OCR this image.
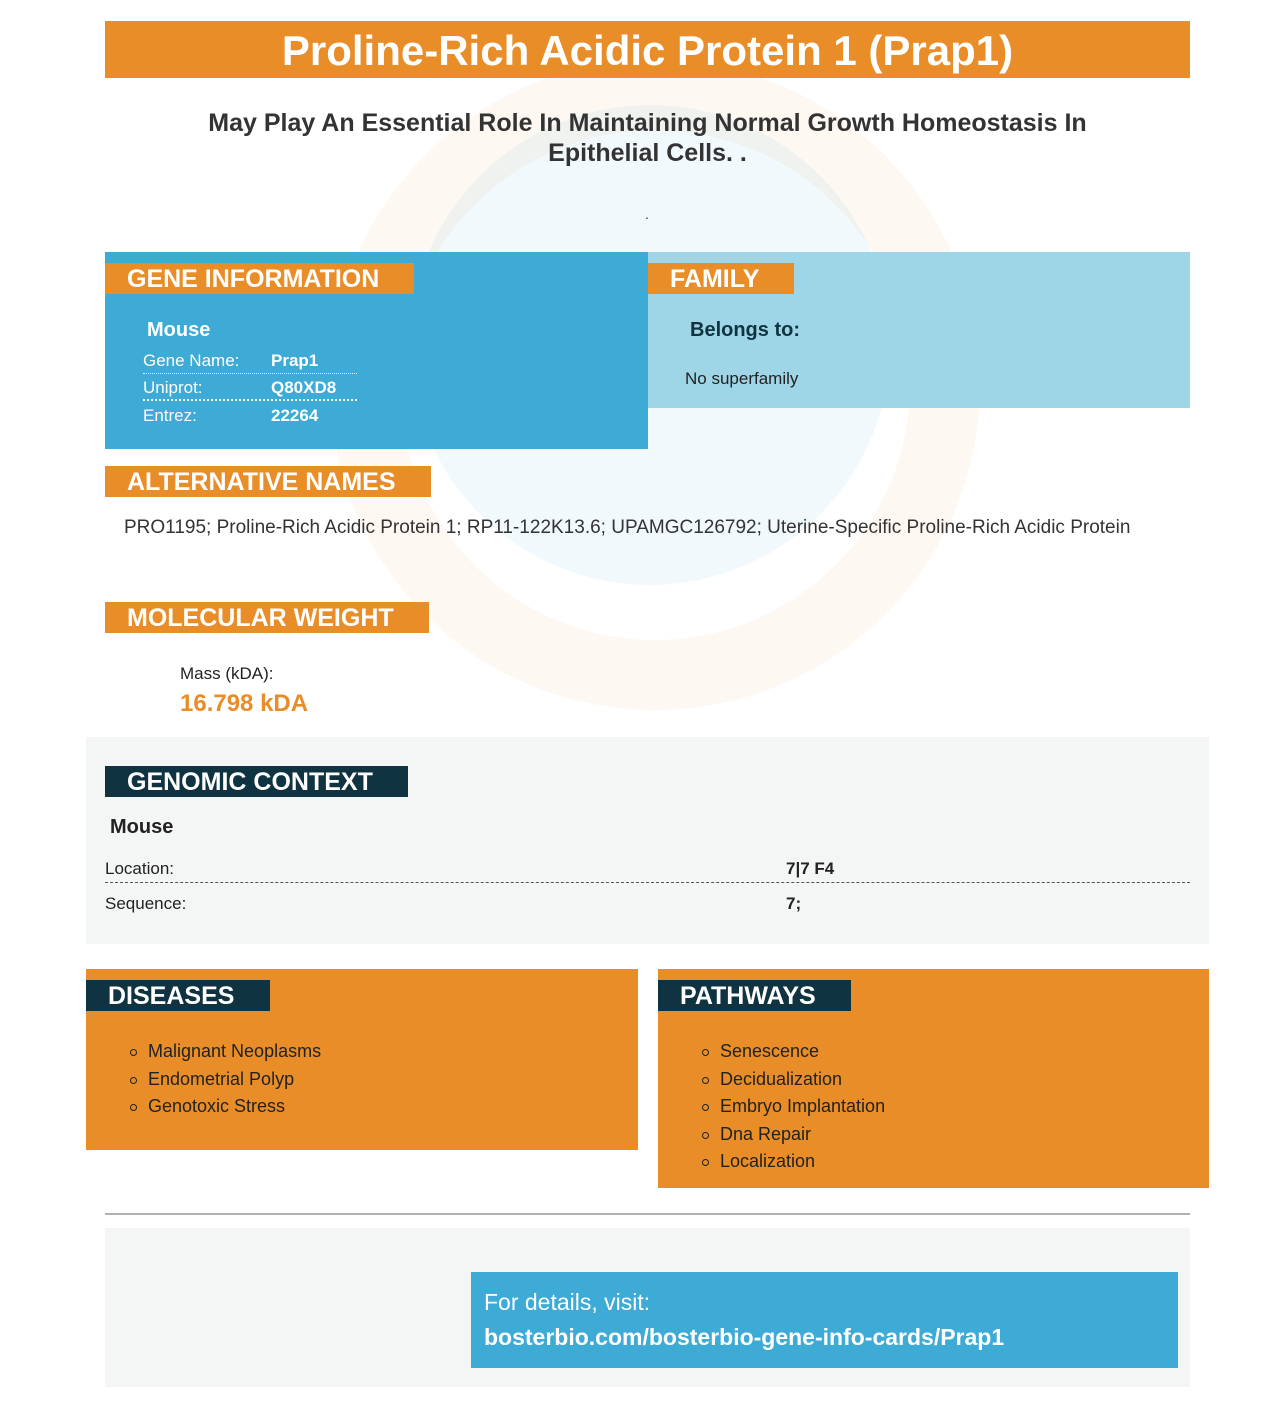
Proline-Rich Acidic Protein 1 (Prap1)
May Play An Essential Role In Maintaining Normal Growth Homeostasis In Epithelial Cells. .
.
GENE INFORMATION
Mouse
Gene Name: Prap1
Uniprot:	Q80XD8
Entrez:	22264
FAMILY
Belongs to:
No superfamily
ALTERNATIVE NAMES
PRO1195; Proline-Rich Acidic Protein 1; RP11-122K13.6; UPAMGC126792; Uterine-Specific Proline-Rich Acidic Protein
MOLECULAR WEIGHT
Mass (kDA):
16.798 kDA
GENOMIC CONTEXT
Mouse
Location:	7|7 F4
Sequence:	7;
DISEASES
Malignant Neoplasms
Endometrial Polyp
Genotoxic Stress
PATHWAYS
Senescence
Decidualization
Embryo Implantation
Dna Repair
Localization
For details, visit:
bosterbio.com/bosterbio-gene-info-cards/Prap1
